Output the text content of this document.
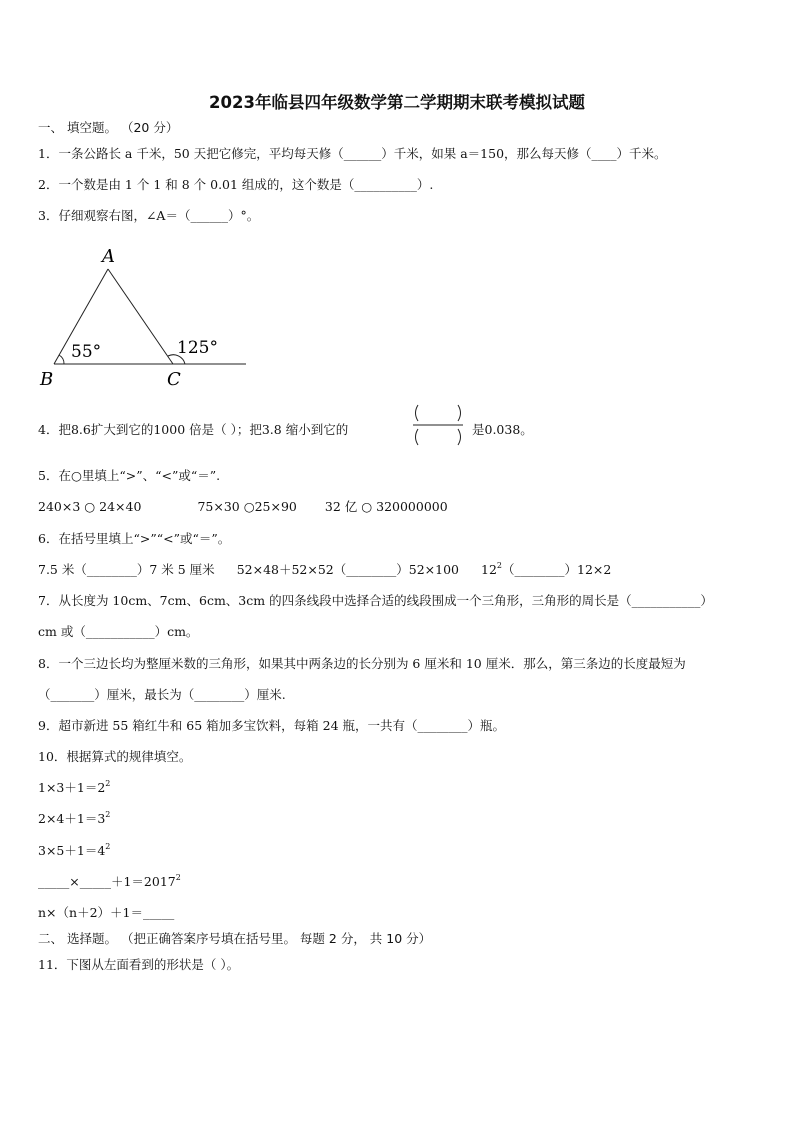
2023年临县四年级数学第二学期期末联考模拟试题
一、 填空题。 （20 分）
1．一条公路长 a 千米，50 天把它修完，平均每天修（______）千米，如果 a＝150，那么每天修（____）千米。
2．一个数是由 1 个 1 和 8 个 0.01 组成的，这个数是（__________）.
3．仔细观察右图，∠A＝（______）°。
A
B	C
55°	125°
4．把8.6扩大到它的1000 倍是（ ）；把3.8 缩小到它的	是0.038。
5．在○里填上“>”、“<”或“＝”.
240×3 ○ 24×40	75×30 ○25×90 32 亿 ○ 320000000
6．在括号里填上“>”“<”或“＝”。
7.5 米（________）7 米 5 厘米 52×48＋52×52（________）52×100 $12^2(\_\_\_\_\_\_\_\_)12\times 2$
7．从长度为 10cm、7cm、6cm、3cm 的四条线段中选择合适的线段围成一个三角形，三角形的周长是（___________）
cm 或（___________）cm。
8．一个三边长均为整厘米数的三角形，如果其中两条边的长分别为 6 厘米和 10 厘米．那么，第三条边的长度最短为
（_______）厘米，最长为（________）厘米.
9．超市新进 55 箱红牛和 65 箱加多宝饮料，每箱 24 瓶，一共有（________）瓶。
10．根据算式的规律填空。
$1\times 3+1=2^2$
$2\times 4+1=3^2$
$3\times 5+1=4^2$
$\_\_\_\_\_\times\_\_\_\_\_+1=2017^2$
n×（n＋2）＋1＝_____
二、 选择题。 （把正确答案序号填在括号里。 每题 2 分， 共 10 分）
11．下图从左面看到的形状是（ ）。
